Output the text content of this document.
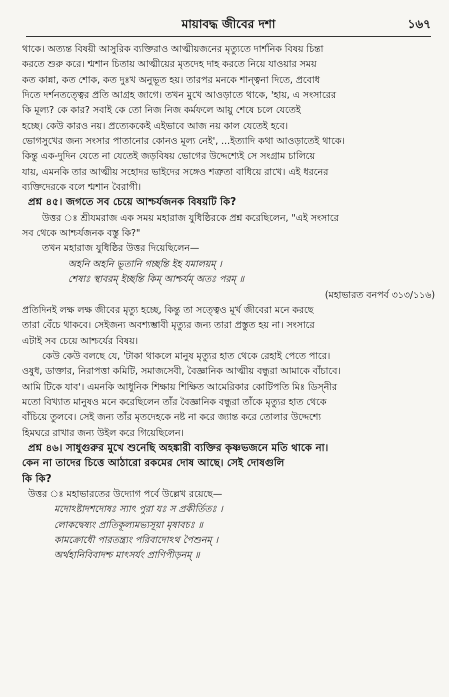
মায়াবদ্ধ জীবের দশা	১৬৭
থাকে। অত্যন্ত বিষয়ী আসুরিক ব্যক্তিরাও আত্মীয়জনের মৃত্যুতে দার্শনিক বিষয় চিন্তা
করতে শুরু করে। শ্মশান চিতায় আত্মীয়ের মৃতদেহ দাহ করতে নিয়ে যাওয়ার সময়
কত কান্না, কত শোক, কত দুঃখ অনুভূত হয়। তারপর মনকে শান্ত্বনা দিতে, প্রবোধ
দিতে দর্শনতত্ত্বের প্রতি আগ্রহ জাগে। তখন মুখে আওড়াতে থাকে, 'হায়, এ সংসারের
কি মূল্য? কে কার? সবাই কে তো নিজ নিজ কর্মফলে আয়ু শেষে চলে যেতেই
হচ্ছে। কেউ কারও নয়। প্রত্যেককেই এইভাবে আজ নয় কাল যেতেই হবে।
ভোগসুখের জন্য সংসার পাতানোর কোনও মূল্য নেই', ...ইত্যাদি কথা আওড়াতেই থাকে।
কিন্তু এক-দুদিন যেতে না যেতেই জড়বিষয় ভোগের উদ্দেশ্যেই সে সংগ্রাম চালিয়ে
যায়, এমনকি তার আত্মীয় সহোদর ভাইদের সঙ্গেও শত্রুতা বাধিয়ে রাখে। এই ধরনের
ব্যক্তিদেরকে বলে শ্মশান বৈরাগী।
প্রশ্ন ৪৫। জগতে সব চেয়ে আশ্চর্যজনক বিষয়টি কি?
উত্তর ঃ শ্রীযমরাজ এক সময় মহারাজ যুধিষ্ঠিরকে প্রশ্ন করেছিলেন, "এই সংসারে
সব থেকে আশ্চর্যজনক বস্তু কি?"
তখন মহারাজ যুধিষ্ঠির উত্তর দিয়েছিলেন—
অহনি অহনি ভূতানি গচ্ছন্তি ইহ যমালয়ম্ ।
শেষাঃ স্থাবরম্ ইচ্ছন্তি কিম্ আশ্চর্যম্ অতঃ পরম্ ॥
(মহাভারত বনপর্ব ৩১৩/১১৬)
প্রতিদিনই লক্ষ লক্ষ জীবের মৃত্যু হচ্ছে, কিন্তু তা সত্ত্বেও মূর্খ জীবেরা মনে করছে
তারা বেঁচে থাকবে। সেইজন্য অবশ্যম্ভাবী মৃত্যুর জন্য তারা প্রস্তুত হয় না। সংসারে
এটাই সব চেয়ে আশ্চর্যের বিষয়।
কেউ কেউ বলছে যে, 'টাকা থাকলে মানুষ মৃত্যুর হাত থেকে রেহাই পেতে পারে।
ওষুধ, ডাক্তার, নিরাপত্তা কমিটি, সমাজসেবী, বৈজ্ঞানিক আত্মীয় বন্ধুরা আমাকে বাঁচাবে।
আমি টিকে যাব'। এমনকি আধুনিক শিক্ষায় শিক্ষিত আমেরিকার কোটিপতি মিঃ ডিস্‌নীর
মতো বিখ্যাত মানুষও মনে করেছিলেন তাঁর বৈজ্ঞানিক বন্ধুরা তাঁকে মৃত্যুর হাত থেকে
বাঁচিয়ে তুলবে। সেই জন্য তাঁর মৃতদেহকে নষ্ট না করে জ্যান্ত করে তোলার উদ্দেশ্যে
হিমঘরে রাখার জন্য উইল করে গিয়েছিলেন।
প্রশ্ন ৪৬। সাধুগুরুর মুখে শুনেছি অহঙ্কারী ব্যক্তির কৃষ্ণভজনে মতি থাকে না।
কেন না তাদের চিত্তে আঠারো রকমের দোষ আছে। সেই দোষগুলি
কি কি?
উত্তর ঃ মহাভারতের উদ্যোগ পর্বে উল্লেখ রয়েছে—
মদোঽষ্টাদশদোষঃ স্যাৎ পুরা যঃ স প্রকীর্তিতঃ ।
লোকদ্বেষ্যং প্রাতিকূল্যমভ্যসূয়া মৃষাবচঃ ॥
কামক্রোধৌ পারতন্ত্র্যং পরিবাদোঽথ পৈশুনম্ ।
অর্থহানিবিবাদশ্চ মাৎসর্যং প্রাণিপীড়নম্ ॥
